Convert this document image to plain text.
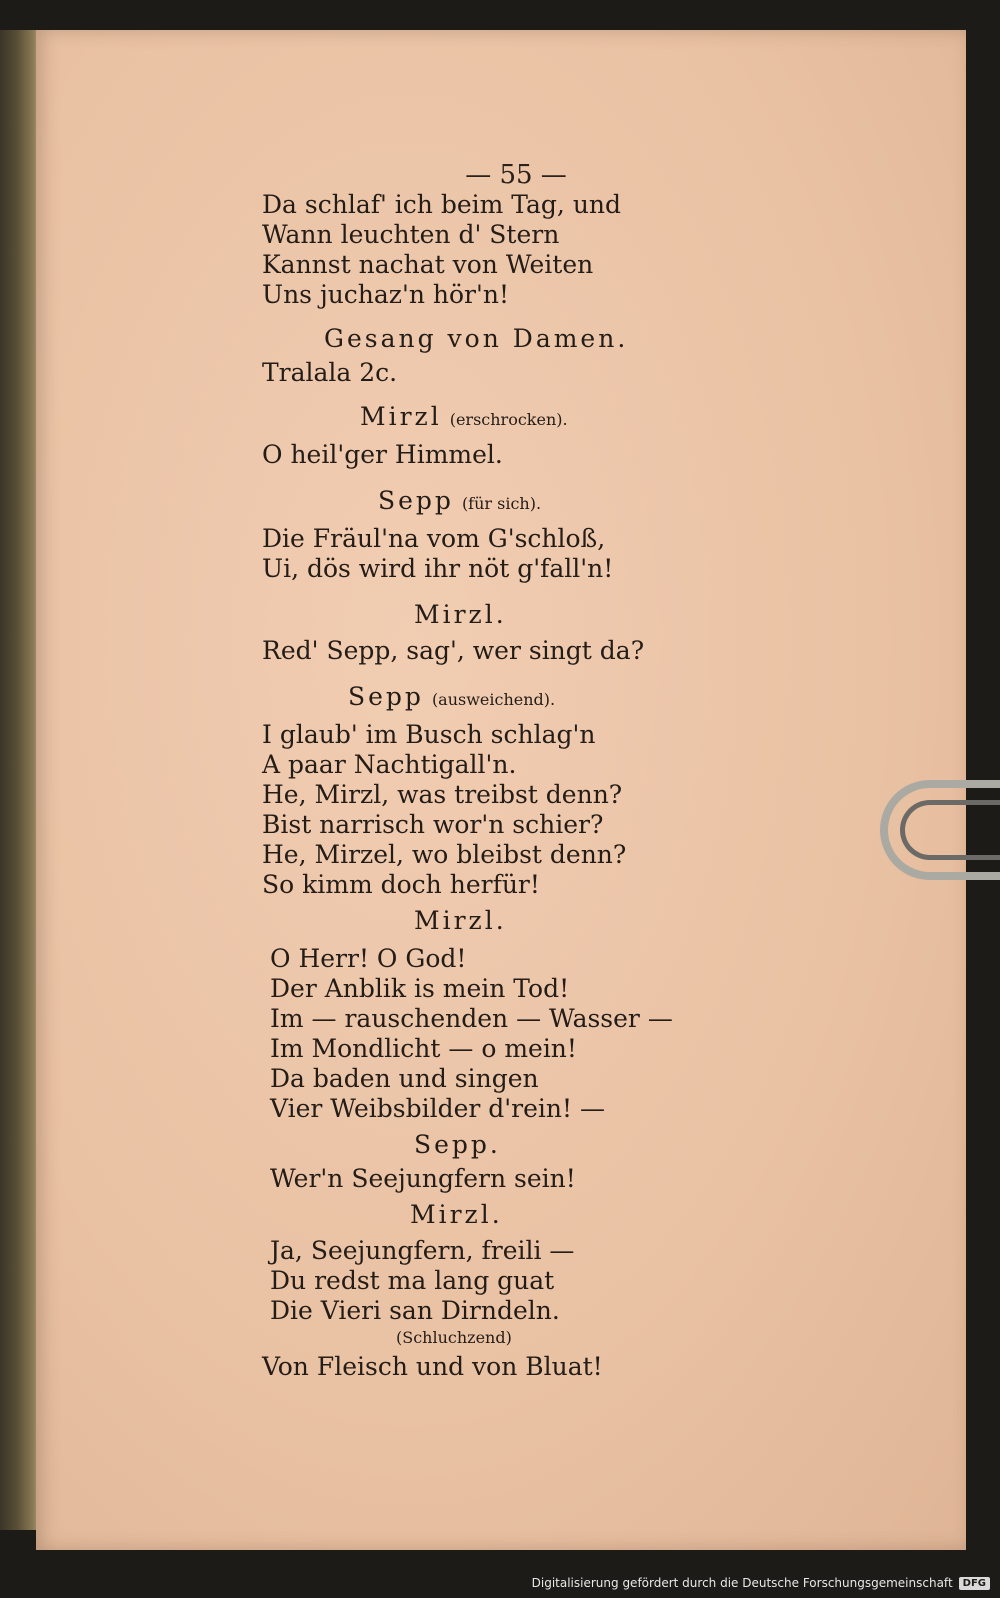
— 55 —
Da schlaf' ich beim Tag, und
Wann leuchten d' Stern
Kannst nachat von Weiten
Uns juchaz'n hör'n!
Gesang von Damen.
Tralala 2c.
Mirzl (erschrocken).
O heil'ger Himmel.
Sepp (für sich).
Die Fräul'na vom G'schloß,
Ui, dös wird ihr nöt g'fall'n!
Mirzl.
Red' Sepp, sag', wer singt da?
Sepp (ausweichend).
I glaub' im Busch schlag'n
A paar Nachtigall'n.
He, Mirzl, was treibst denn?
Bist narrisch wor'n schier?
He, Mirzel, wo bleibst denn?
So kimm doch herfür!
Mirzl.
O Herr! O God!
Der Anblik is mein Tod!
Im — rauschenden — Wasser —
Im Mondlicht — o mein!
Da baden und singen
Vier Weibsbilder d'rein! —
Sepp.
Wer'n Seejungfern sein!
Mirzl.
Ja, Seejungfern, freili —
Du redst ma lang guat
Die Vieri san Dirndeln.
(Schluchzend)
Von Fleisch und von Bluat!
Digitalisierung gefördert durch die Deutsche Forschungsgemeinschaft	DFG
